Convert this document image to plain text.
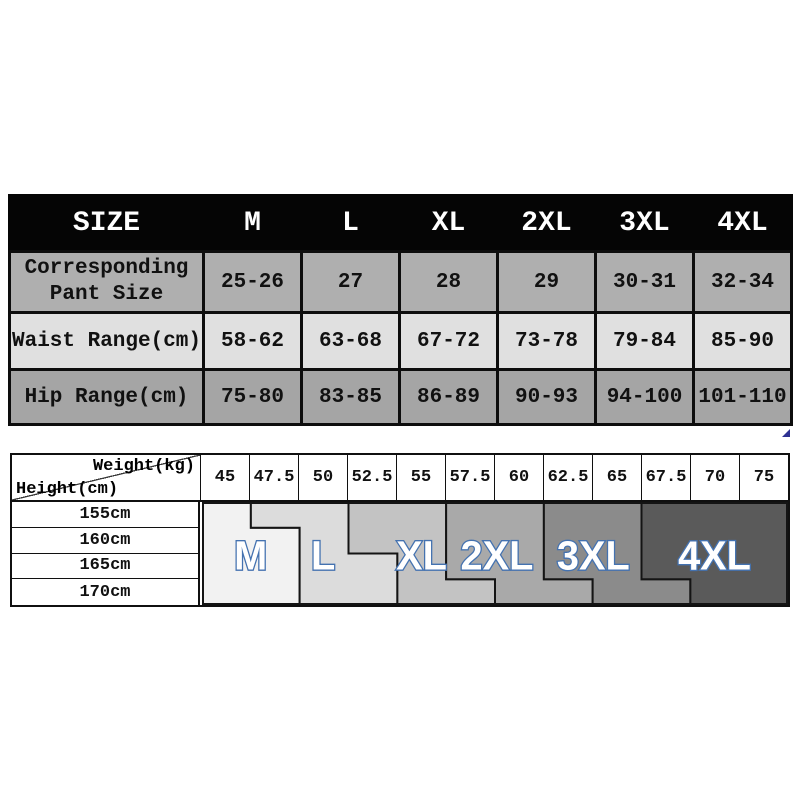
SIZE	M	L	XL	2XL	3XL	4XL

Corresponding
Pant Size	25-26	27	28	29	30-31	32-34
Waist Range(cm)	58-62	63-68	67-72	73-78	79-84	85-90
Hip Range(cm)	75-80	83-85	86-89	90-93	94-100	101-110
Weight(kg)
Height(cm)
45	47.5	50	52.5	55	57.5	60	62.5	65	67.5	70	75
155cm
160cm
165cm
170cm
M L XL 2XL 3XL 4XL
